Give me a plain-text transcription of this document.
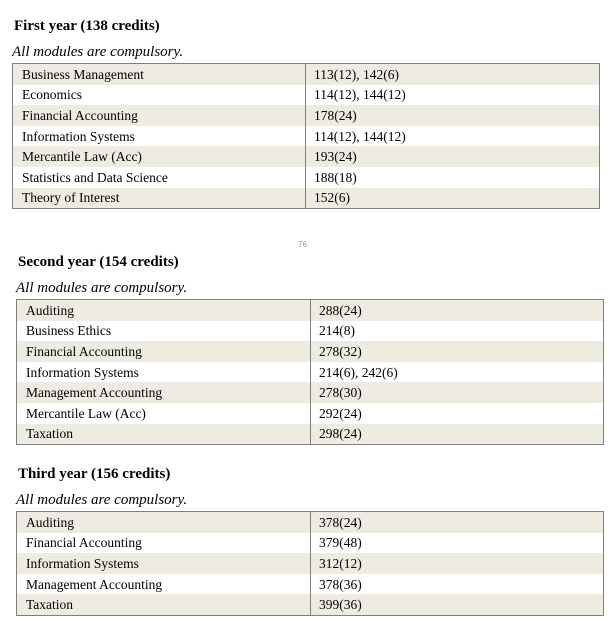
76
First year (138 credits)
All modules are compulsory.
Business Management	113(12), 142(6)
Economics	114(12), 144(12)
Financial Accounting	178(24)
Information Systems	114(12), 144(12)
Mercantile Law (Acc)	193(24)
Statistics and Data Science	188(18)
Theory of Interest	152(6)
Second year (154 credits)
All modules are compulsory.
Auditing	288(24)
Business Ethics	214(8)
Financial Accounting	278(32)
Information Systems	214(6), 242(6)
Management Accounting	278(30)
Mercantile Law (Acc)	292(24)
Taxation	298(24)
Third year (156 credits)
All modules are compulsory.
Auditing	378(24)
Financial Accounting	379(48)
Information Systems	312(12)
Management Accounting	378(36)
Taxation	399(36)
